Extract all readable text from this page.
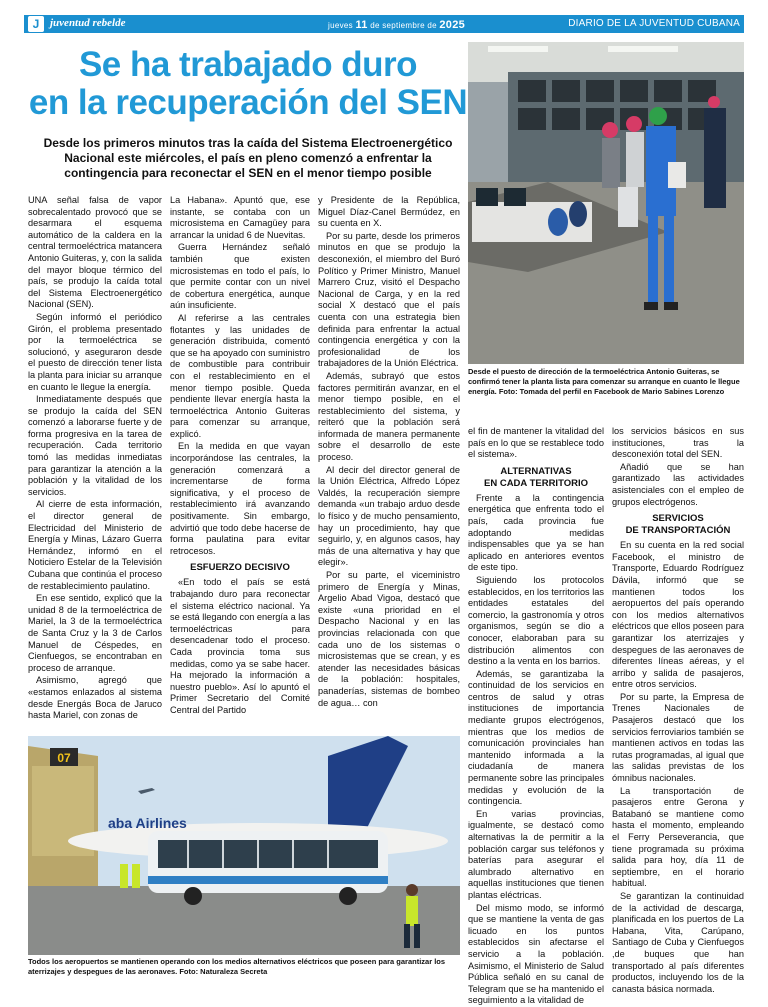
J juventud rebelde	jueves 11 de septiembre de 2025	DIARIO DE LA JUVENTUD CUBANA
Se ha trabajado duro
en la recuperación del SEN
Desde los primeros minutos tras la caída del Sistema Electroenergético Nacional este miércoles, el país en pleno comenzó a enfrentar la contingencia para reconectar el SEN en el menor tiempo posible
Desde el puesto de dirección de la termoeléctrica Antonio Guiteras, se confirmó tener la planta lista para comenzar su arranque en cuanto le llegue energía. Foto: Tomada del perfil en Facebook de Mario Sabines Lorenzo

UNA señal falsa de vapor sobrecalentado provocó que se desarmara el esquema automático de la caldera en la central termoeléctrica matancera Antonio Guiteras, y, con la salida del mayor bloque térmico del país, se produjo la caída total del Sistema Electroenergético Nacional (SEN).

Según informó el periódico Girón, el problema presentado por la termoeléctrica se solucionó, y aseguraron desde el puesto de dirección tener lista la planta para iniciar su arranque en cuanto le llegue la energía.

Inmediatamente después que se produjo la caída del SEN comenzó a laborarse fuerte y de forma progresiva en la tarea de recuperación. Cada territorio tomó las medidas inmediatas para garantizar la atención a la población y la vitalidad de los servicios.

Al cierre de esta información, el director general de Electricidad del Ministerio de Energía y Minas, Lázaro Guerra Hernández, informó en el Noticiero Estelar de la Televisión Cubana que continúa el proceso de restablecimiento paulatino.

En ese sentido, explicó que la unidad 8 de la termoeléctrica de Mariel, la 3 de la termoeléctrica de Santa Cruz y la 3 de Carlos Manuel de Céspedes, en Cienfuegos, se encontraban en proceso de arranque.

Asimismo, agregó que «estamos enlazados al sistema desde Energás Boca de Jaruco hasta Mariel, con zonas de

La Habana». Apuntó que, ese instante, se contaba con un microsistema en Camagüey para arrancar la unidad 6 de Nuevitas.

Guerra Hernández señaló también que existen microsistemas en todo el país, lo que permite contar con un nivel de cobertura energética, aunque aún insuficiente.

Al referirse a las centrales flotantes y las unidades de generación distribuida, comentó que se ha apoyado con suministro de combustible para contribuir con el restablecimiento en el menor tiempo posible. Queda pendiente llevar energía hasta la termoeléctrica Antonio Guiteras para comenzar su arranque, explicó.

En la medida en que vayan incorporándose las centrales, la generación comenzará a incrementarse de forma significativa, y el proceso de restablecimiento irá avanzando positivamente. Sin embargo, advirtió que todo debe hacerse de forma paulatina para evitar retrocesos.

ESFUERZO DECISIVO

«En todo el país se está trabajando duro para reconectar el sistema eléctrico nacional. Ya se está llegando con energía a las termoeléctricas para desencadenar todo el proceso. Cada provincia toma sus medidas, como ya se sabe hacer. Ha mejorado la información a nuestro pueblo». Así lo apuntó el Primer Secretario del Comité Central del Partido

y Presidente de la República, Miguel Díaz-Canel Bermúdez, en su cuenta en X.

Por su parte, desde los primeros minutos en que se produjo la desconexión, el miembro del Buró Político y Primer Ministro, Manuel Marrero Cruz, visitó el Despacho Nacional de Carga, y en la red social X destacó que el país cuenta con una estrategia bien definida para enfrentar la actual contingencia energética y con la profesionalidad de los trabajadores de la Unión Eléctrica.

Además, subrayó que estos factores permitirán avanzar, en el menor tiempo posible, en el restablecimiento del sistema, y reiteró que la población será informada de manera permanente sobre el desarrollo de este proceso.

Al decir del director general de la Unión Eléctrica, Alfredo López Valdés, la recuperación siempre demanda «un trabajo arduo desde lo físico y de mucho pensamiento, hay un procedimiento, hay que seguirlo, y, en algunos casos, hay más de una alternativa y hay que elegir».

Por su parte, el viceministro primero de Energía y Minas, Argelio Abad Vigoa, destacó que existe «una prioridad en el Despacho Nacional y en las provincias relacionada con que cada uno de los sistemas o microsistemas que se crean, y es atender las necesidades básicas de la población: hospitales, panaderías, sistemas de bombeo de agua… con

el fin de mantener la vitalidad del país en lo que se restablece todo el sistema».

ALTERNATIVAS
EN CADA TERRITORIO

Frente a la contingencia energética que enfrenta todo el país, cada provincia fue adoptando medidas indispensables que ya se han aplicado en anteriores eventos de este tipo.

Siguiendo los protocolos establecidos, en los territorios las entidades estatales del comercio, la gastronomía y otros organismos, según se dio a conocer, elaboraban para su distribución alimentos con destino a la venta en los barrios.

Además, se garantizaba la continuidad de los servicios en centros de salud y otras instituciones de importancia mediante grupos electrógenos, mientras que los medios de comunicación provinciales han mantenido informada a la ciudadanía de manera permanente sobre las principales medidas y evolución de la contingencia.

En varias provincias, igualmente, se destacó como alternativas la de permitir a la población cargar sus teléfonos y baterías para asegurar el alumbrado alternativo en aquellas instituciones que tienen plantas eléctricas.

Del mismo modo, se informó que se mantiene la venta de gas licuado en los puntos establecidos sin afectarse el servicio a la población. Asimismo, el Ministerio de Salud Pública señaló en su canal de Telegram que se ha mantenido el seguimiento a la vitalidad de

los servicios básicos en sus instituciones, tras la desconexión total del SEN.

Añadió que se han garantizado las actividades asistenciales con el empleo de grupos electrógenos.

SERVICIOS
DE TRANSPORTACIÓN

En su cuenta en la red social Facebook, el ministro de Transporte, Eduardo Rodríguez Dávila, informó que se mantienen todos los aeropuertos del país operando con los medios alternativos eléctricos que ellos poseen para garantizar los aterrizajes y despegues de las aeronaves de diferentes líneas aéreas, y el arribo y salida de pasajeros, entre otros servicios.

Por su parte, la Empresa de Trenes Nacionales de Pasajeros destacó que los servicios ferroviarios también se mantienen activos en todas las rutas programadas, al igual que las salidas previstas de los ómnibus nacionales.

La transportación de pasajeros entre Gerona y Batabanó se mantiene como hasta el momento, empleando el Ferry Perseverancia, que tiene programada su próxima salida para hoy, día 11 de septiembre, en el horario habitual.

Se garantizan la continuidad de la actividad de descarga, planificada en los puertos de La Habana, Vita, Carúpano, Santiago de Cuba y Cienfuegos ,de buques que han transportado al país diferentes productos, incluyendo los de la canasta básica normada.

07
aba Airlines
Todos los aeropuertos se mantienen operando con los medios alternativos eléctricos que poseen para garantizar los aterrizajes y despegues de las aeronaves. Foto: Naturaleza Secreta
